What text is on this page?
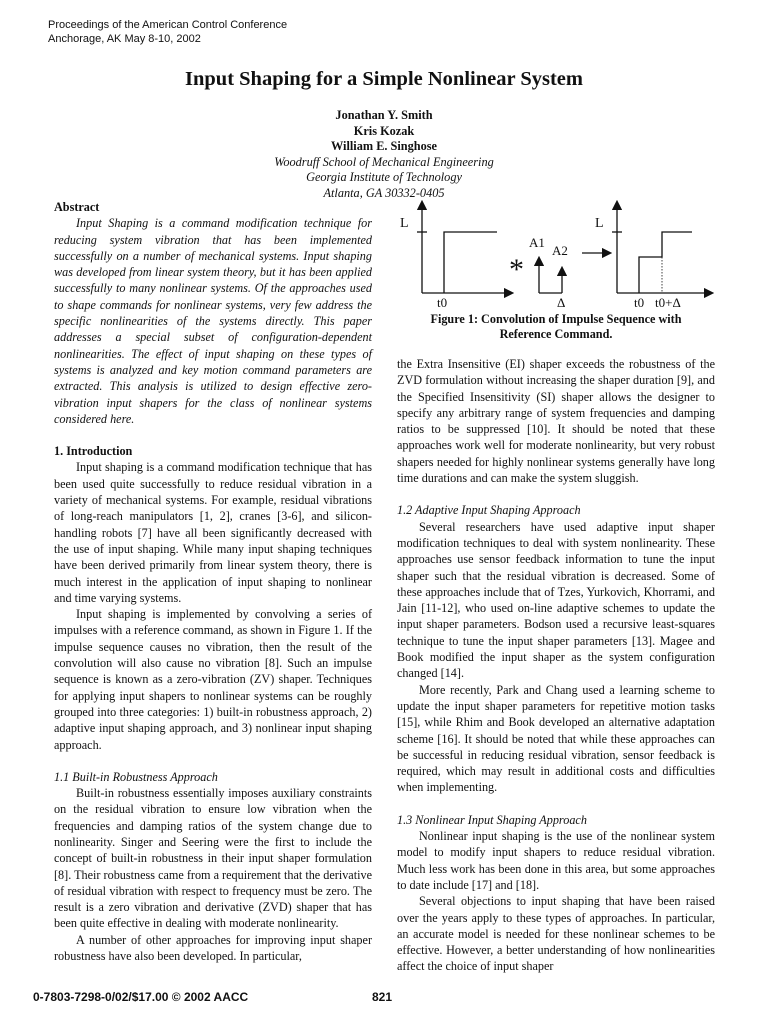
Proceedings of the American Control Conference
Anchorage, AK May 8-10, 2002
Input Shaping for a Simple Nonlinear System
Jonathan Y. Smith
Kris Kozak
William E. Singhose
Woodruff School of Mechanical Engineering
Georgia Institute of Technology
Atlanta, GA 30332-0405
Abstract

Input Shaping is a command modification technique for reducing system vibration that has been implemented successfully on a number of mechanical systems. Input shaping was developed from linear system theory, but it has been applied successfully to many nonlinear systems. Of the approaches used to shape commands for nonlinear systems, very few address the specific nonlinearities of the systems directly. This paper addresses a special subset of configuration-dependent nonlinearities. The effect of input shaping on these types of systems is analyzed and key motion command parameters are extracted. This analysis is utilized to design effective zero-vibration input shapers for the class of nonlinear systems considered here.

1. Introduction

Input shaping is a command modification technique that has been used quite successfully to reduce residual vibration in a variety of mechanical systems. For example, residual vibrations of long-reach manipulators [1, 2], cranes [3-6], and silicon-handling robots [7] have all been significantly decreased with the use of input shaping. While many input shaping techniques have been derived primarily from linear system theory, there is much interest in the application of input shaping to nonlinear and time varying systems.

Input shaping is implemented by convolving a series of impulses with a reference command, as shown in Figure 1. If the impulse sequence causes no vibration, then the result of the convolution will also cause no vibration [8]. Such an impulse sequence is known as a zero-vibration (ZV) shaper. Techniques for applying input shapers to nonlinear systems can be roughly grouped into three categories: 1) built-in robustness approach, 2) adaptive input shaping approach, and 3) nonlinear input shaping approach.

1.1 Built-in Robustness Approach

Built-in robustness essentially imposes auxiliary constraints on the residual vibration to ensure low vibration when the frequencies and damping ratios of the system change due to nonlinearity. Singer and Seering were the first to include the concept of built-in robustness in their input shaper formulation [8]. Their robustness came from a requirement that the derivative of residual vibration with respect to frequency must be zero. The result is a zero vibration and derivative (ZVD) shaper that has been quite effective in dealing with moderate nonlinearity.

A number of other approaches for improving input shaper robustness have also been developed. In particular,

L
t0
*
A1
A2
Δ
L
t0 t0+Δ
Figure 1: Convolution of Impulse Sequence with Reference Command.

the Extra Insensitive (EI) shaper exceeds the robustness of the ZVD formulation without increasing the shaper duration [9], and the Specified Insensitivity (SI) shaper allows the designer to specify any arbitrary range of system frequencies and damping ratios to be suppressed [10]. It should be noted that these approaches work well for moderate nonlinearity, but very robust shapers needed for highly nonlinear systems generally have long time durations and can make the system sluggish.

1.2 Adaptive Input Shaping Approach

Several researchers have used adaptive input shaper modification techniques to deal with system nonlinearity. These approaches use sensor feedback information to tune the input shaper such that the residual vibration is decreased. Some of these approaches include that of Tzes, Yurkovich, Khorrami, and Jain [11-12], who used on-line adaptive schemes to update the input shaper parameters. Bodson used a recursive least-squares technique to tune the input shaper parameters [13]. Magee and Book modified the input shaper as the system configuration changed [14].

More recently, Park and Chang used a learning scheme to update the input shaper parameters for repetitive motion tasks [15], while Rhim and Book developed an alternative adaptation scheme [16]. It should be noted that while these approaches can be successful in reducing residual vibration, sensor feedback is required, which may result in additional costs and difficulties when implementing.

1.3 Nonlinear Input Shaping Approach

Nonlinear input shaping is the use of the nonlinear system model to modify input shapers to reduce residual vibration. Much less work has been done in this area, but some approaches to date include [17] and [18].

Several objections to input shaping that have been raised over the years apply to these types of approaches. In particular, an accurate model is needed for these nonlinear schemes to be effective. However, a better understanding of how nonlinearities affect the choice of input shaper

0-7803-7298-0/02/$17.00 © 2002 AACC	821
